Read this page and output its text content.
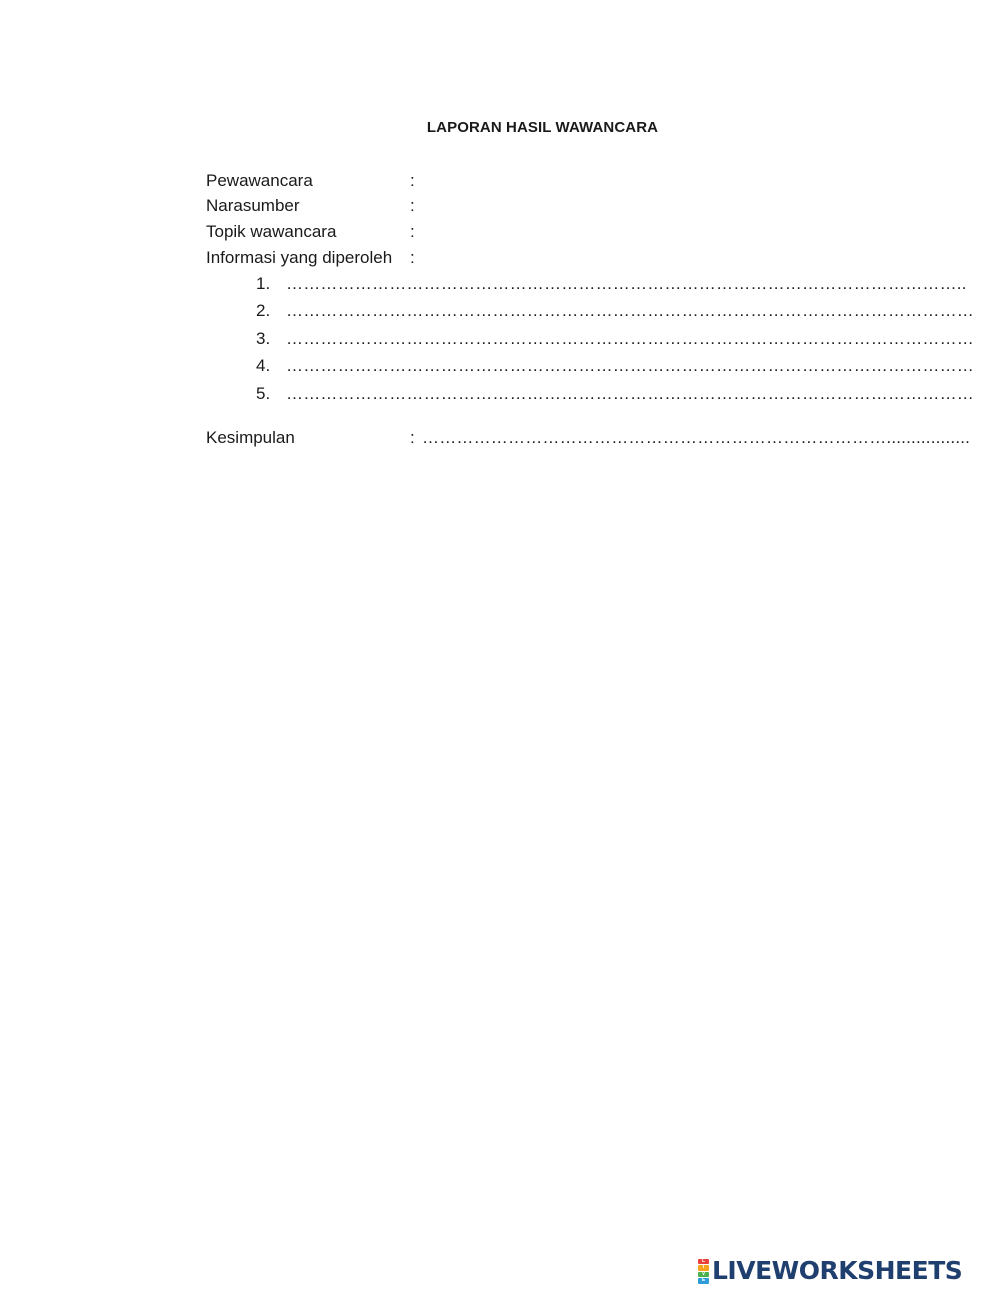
LAPORAN HASIL WAWANCARA
Pewawancara	:
Narasumber	:
Topik wawancara	:
Informasi yang diperoleh :
1. ………………………………………………………………………………………………………..
2. …………………………………………………………………………………………………………
3. …………………………………………………………………………………………………………
4. …………………………………………………………………………………………………………
5. …………………………………………………………………………………………………………
Kesimpulan	: ……………………………………………………………………….................
L
I
V
E LIVEWORKSHEETS
